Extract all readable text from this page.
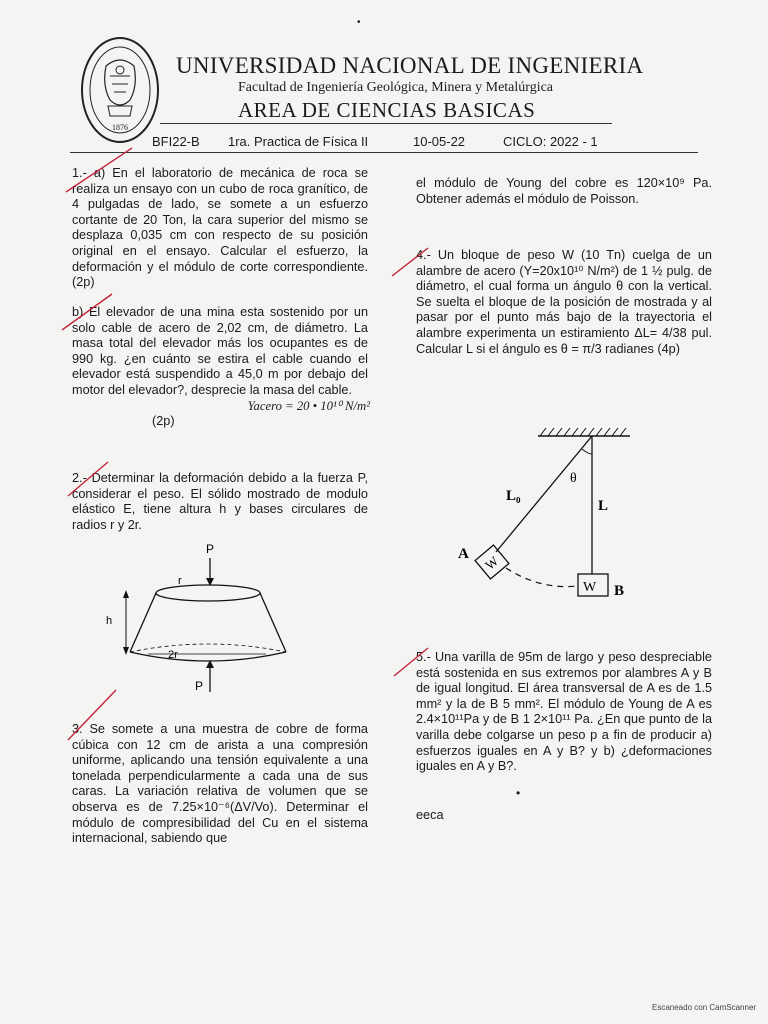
1876
UNIVERSIDAD NACIONAL DE INGENIERIA
Facultad de Ingeniería Geológica, Minera y Metalúrgica
AREA DE CIENCIAS BASICAS
BFI22-B 1ra. Practica de Física II	10-05-22	CICLO: 2022 - 1
•
1.- a) En el laboratorio de mecánica de roca se realiza un ensayo con un cubo de roca granítico, de 4 pulgadas de lado, se somete a un esfuerzo cortante de 20 Ton, la cara superior del mismo se desplaza 0,035 cm con respecto de su posición original en el ensayo. Calcular el esfuerzo, la deformación y el módulo de corte correspondiente. (2p)
b) El elevador de una mina esta sostenido por un solo cable de acero de 2,02 cm, de diámetro. La masa total del elevador más los ocupantes es de 990 kg. ¿en cuánto se estira el cable cuando el elevador está suspendido a 45,0 m por debajo del motor del elevador?, desprecie la masa del cable.
Yacero = 20 • 10¹⁰ N/m²
(2p)
2.- Determinar la deformación debido a la fuerza P, considerar el peso. El sólido mostrado de modulo elástico E, tiene altura h y bases circulares de radios r y 2r.
P
r
2r
h
P
3. Se somete a una muestra de cobre de forma cúbica con 12 cm de arista a una compresión uniforme, aplicando una tensión equivalente a una tonelada perpendicularmente a cada una de sus caras. La variación relativa de volumen que se observa es de 7.25×10⁻⁶(ΔV/Vo). Determinar el módulo de compresibilidad del Cu en el sistema internacional, sabiendo que
el módulo de Young del cobre es 120×10⁹ Pa. Obtener además el módulo de Poisson.
4.- Un bloque de peso W (10 Tn) cuelga de un alambre de acero (Y=20x10¹⁰ N/m²) de 1 ½ pulg. de diámetro, el cual forma un ángulo θ con la vertical. Se suelta el bloque de la posición de mostrada y al pasar por el punto más bajo de la trayectoria el alambre experimenta un estiramiento ΔL= 4/38 pul. Calcular L si el ángulo es θ = π/3 radianes (4p)
θ
L₀
L
W
A
W B
5.- Una varilla de 95m de largo y peso despreciable está sostenida en sus extremos por alambres A y B de igual longitud. El área transversal de A es de 1.5 mm² y la de B 5 mm². El módulo de Young de A es 2.4×10¹¹Pa y de B 1 2×10¹¹ Pa. ¿En que punto de la varilla debe colgarse un peso p a fin de producir a) esfuerzos iguales en A y B? y b) ¿deformaciones iguales en A y B?.
•
eeca
Escaneado con CamScanner
